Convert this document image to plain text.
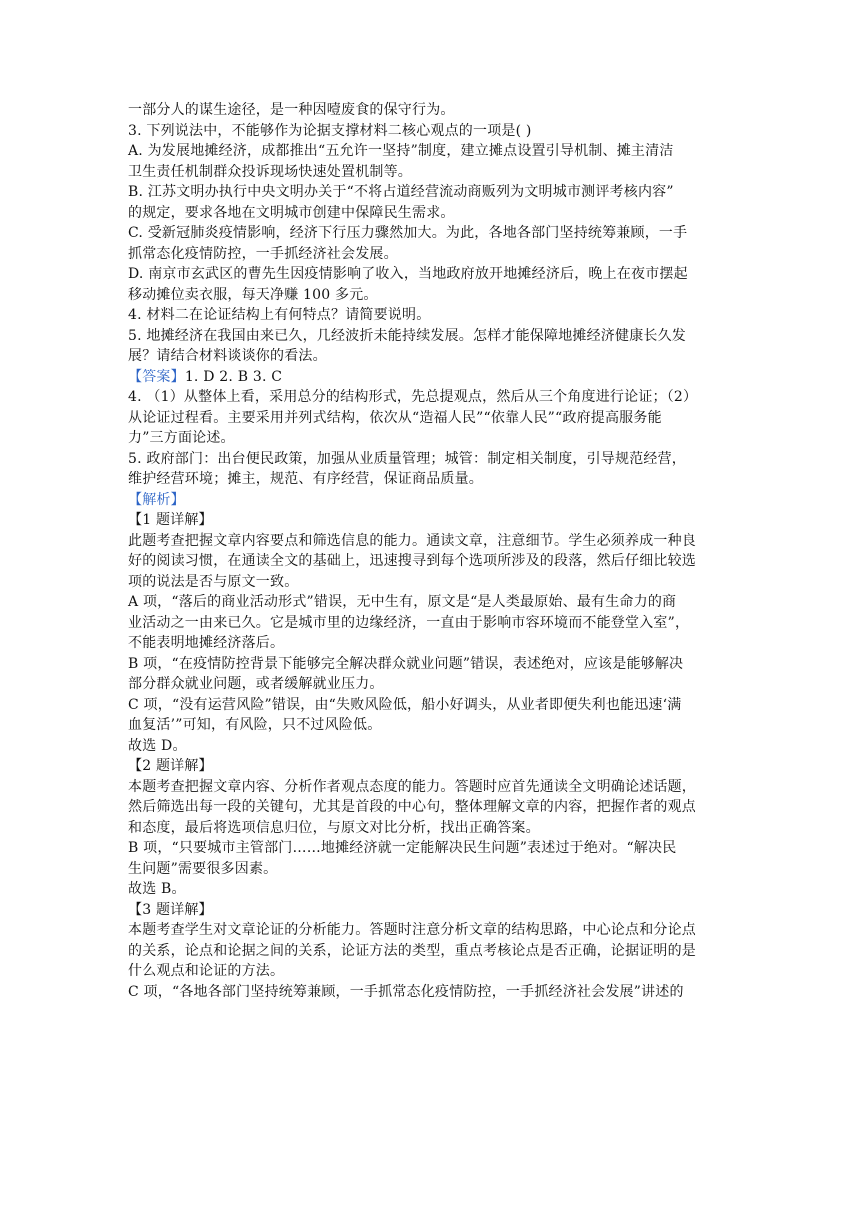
一部分人的谋生途径，是一种因噎废食的保守行为。
3. 下列说法中，不能够作为论据支撑材料二核心观点的一项是( )
A. 为发展地摊经济，成都推出“五允许一坚持”制度，建立摊点设置引导机制、摊主清洁
卫生责任机制群众投诉现场快速处置机制等。
B. 江苏文明办执行中央文明办关于“不将占道经营流动商贩列为文明城市测评考核内容”
的规定，要求各地在文明城市创建中保障民生需求。
C. 受新冠肺炎疫情影响，经济下行压力骤然加大。为此，各地各部门坚持统筹兼顾，一手
抓常态化疫情防控，一手抓经济社会发展。
D. 南京市玄武区的曹先生因疫情影响了收入，当地政府放开地摊经济后，晚上在夜市摆起
移动摊位卖衣服，每天净赚 100 多元。
4. 材料二在论证结构上有何特点？请简要说明。
5. 地摊经济在我国由来已久，几经波折未能持续发展。怎样才能保障地摊经济健康长久发
展？请结合材料谈谈你的看法。
【答案】1. D 2. B 3. C
4. （1）从整体上看，采用总分的结构形式，先总提观点，然后从三个角度进行论证；（2）
从论证过程看。主要采用并列式结构，依次从“造福人民”“依靠人民”“政府提高服务能
力”三方面论述。
5. 政府部门：出台便民政策，加强从业质量管理；城管：制定相关制度，引导规范经营，
维护经营环境；摊主，规范、有序经营，保证商品质量。
【解析】
【1 题详解】
此题考查把握文章内容要点和筛选信息的能力。通读文章，注意细节。学生必须养成一种良
好的阅读习惯，在通读全文的基础上，迅速搜寻到每个选项所涉及的段落，然后仔细比较选
项的说法是否与原文一致。
A 项，“落后的商业活动形式”错误，无中生有，原文是“是人类最原始、最有生命力的商
业活动之一由来已久。它是城市里的边缘经济，一直由于影响市容环境而不能登堂入室”，
不能表明地摊经济落后。
B 项，“在疫情防控背景下能够完全解决群众就业问题”错误，表述绝对，应该是能够解决
部分群众就业问题，或者缓解就业压力。
C 项，“没有运营风险”错误，由“失败风险低，船小好调头，从业者即便失利也能迅速‘满
血复活’”可知，有风险，只不过风险低。
故选 D。
【2 题详解】
本题考查把握文章内容、分析作者观点态度的能力。答题时应首先通读全文明确论述话题，
然后筛选出每一段的关键句，尤其是首段的中心句，整体理解文章的内容，把握作者的观点
和态度，最后将选项信息归位，与原文对比分析，找出正确答案。
B 项，“只要城市主管部门……地摊经济就一定能解决民生问题”表述过于绝对。“解决民
生问题”需要很多因素。
故选 B。
【3 题详解】
本题考查学生对文章论证的分析能力。答题时注意分析文章的结构思路，中心论点和分论点
的关系，论点和论据之间的关系，论证方法的类型，重点考核论点是否正确，论据证明的是
什么观点和论证的方法。
C 项，“各地各部门坚持统筹兼顾，一手抓常态化疫情防控，一手抓经济社会发展”讲述的
